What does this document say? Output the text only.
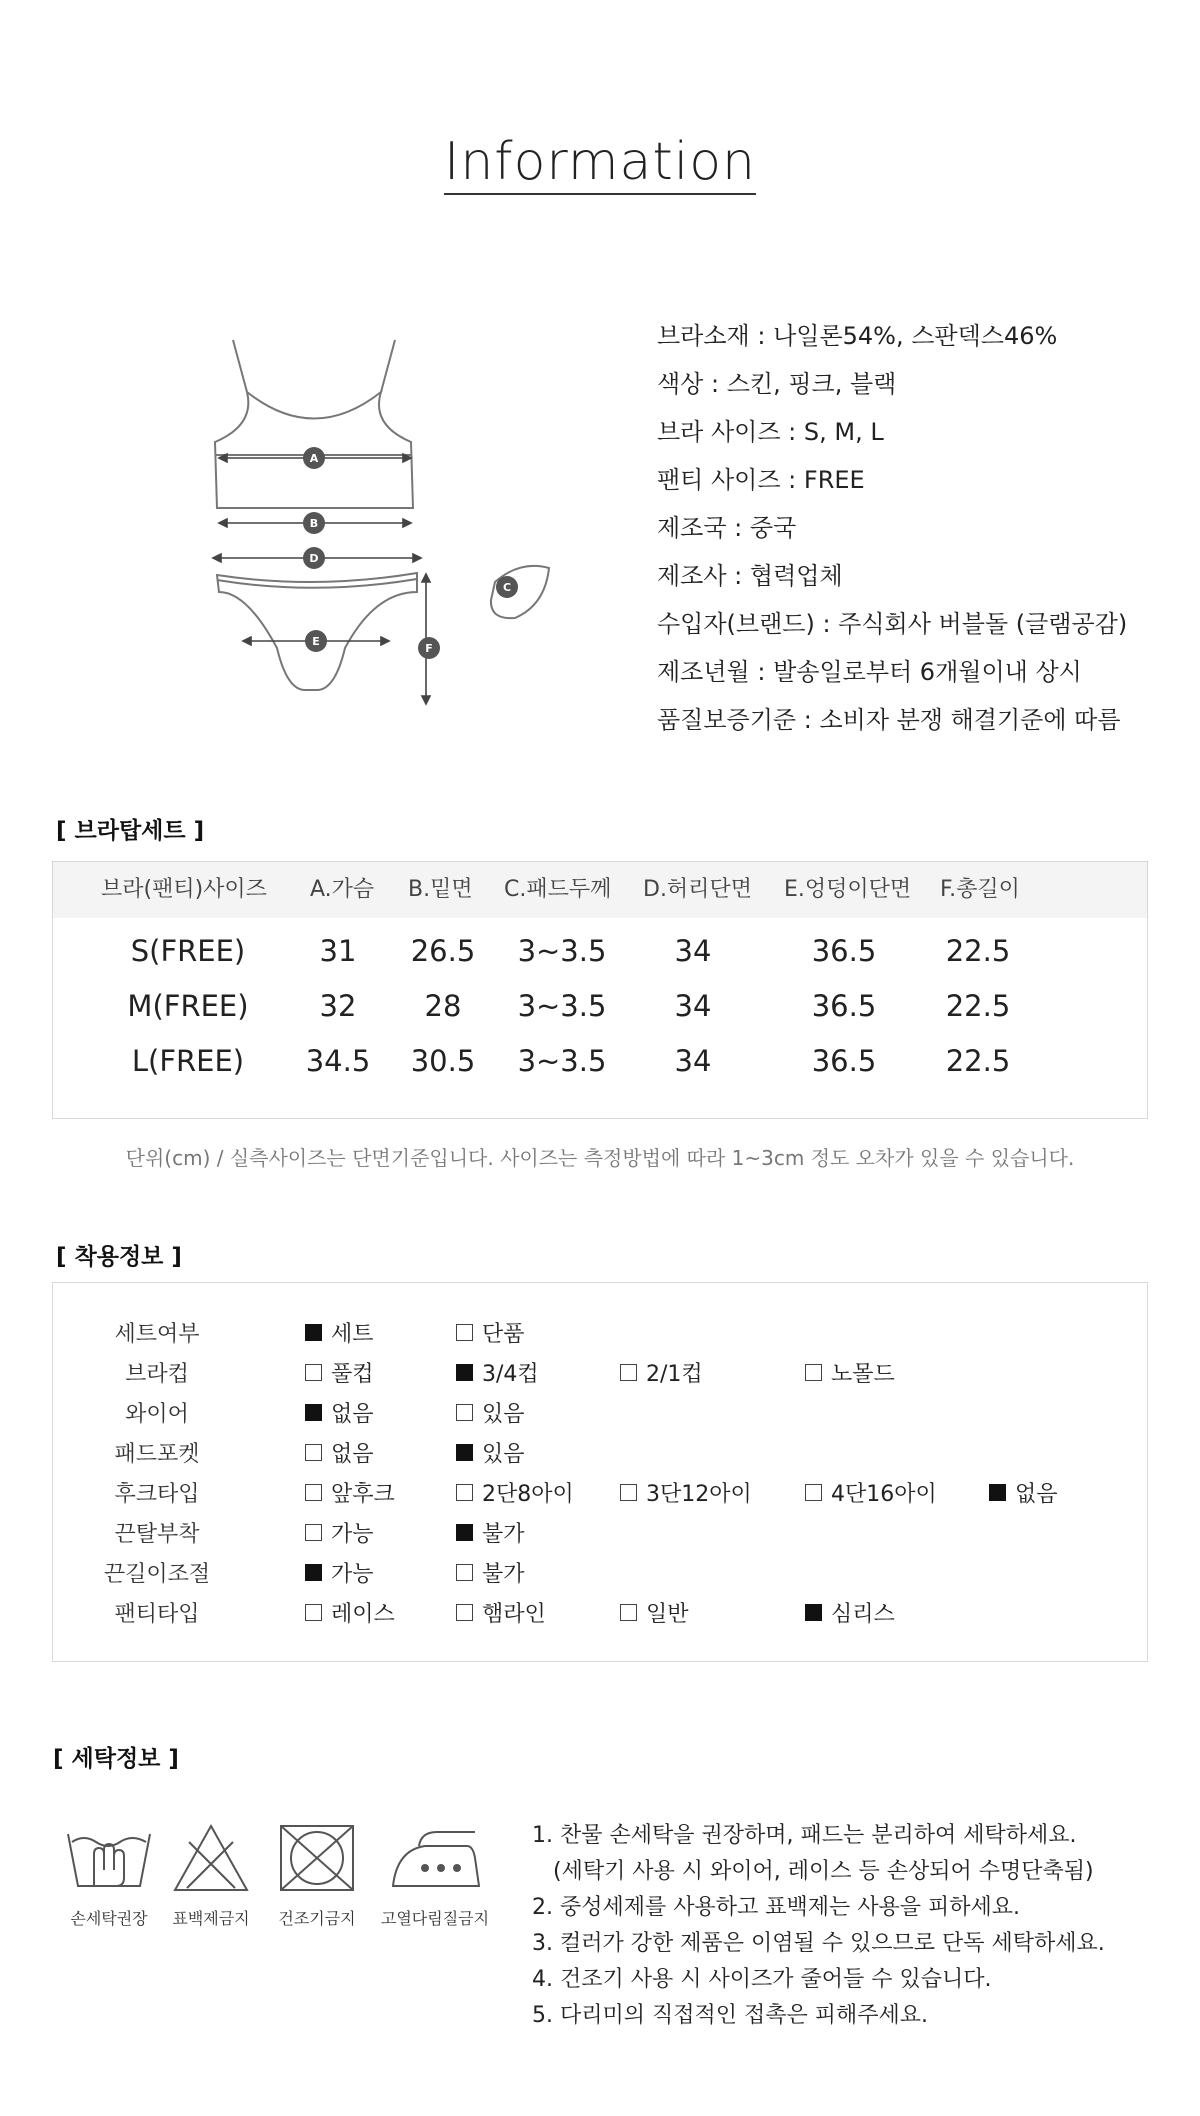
Information
A
B
D
E
F
C
브라소재 : 나일론54%, 스판덱스46%
색상 : 스킨, 핑크, 블랙
브라 사이즈 : S, M, L
팬티 사이즈 : FREE
제조국 : 중국
제조사 : 협력업체
수입자(브랜드) : 주식회사 버블돌 (글램공감)
제조년월 : 발송일로부터 6개월이내 상시
품질보증기준 : 소비자 분쟁 해결기준에 따름
[ 브라탑세트 ]
브라(팬티)사이즈 A.가슴 B.밑면 C.패드두께 D.허리단면 E.엉덩이단면 F.총길이
S(FREE)	31	26.5	3~3.5	34	36.5	22.5
M(FREE)	32	28	3~3.5	34	36.5	22.5
L(FREE)	34.5	30.5	3~3.5	34	36.5	22.5
단위(cm) / 실측사이즈는 단면기준입니다. 사이즈는 측정방법에 따라 1~3cm 정도 오차가 있을 수 있습니다.
[ 착용정보 ]
세트여부	세트	단품
브라컵	풀컵	3/4컵	2/1컵	노몰드
와이어	없음	있음
패드포켓	없음	있음
후크타입	앞후크	2단8아이	3단12아이	4단16아이	없음
끈탈부착	가능	불가
끈길이조절	가능	불가
팬티타입	레이스	햄라인	일반	심리스
[ 세탁정보 ]
손세탁권장	표백제금지	건조기금지	고열다림질금지
1. 찬물 손세탁을 권장하며, 패드는 분리하여 세탁하세요.
(세탁기 사용 시 와이어, 레이스 등 손상되어 수명단축됨)
2. 중성세제를 사용하고 표백제는 사용을 피하세요.
3. 컬러가 강한 제품은 이염될 수 있으므로 단독 세탁하세요.
4. 건조기 사용 시 사이즈가 줄어들 수 있습니다.
5. 다리미의 직접적인 접촉은 피해주세요.
